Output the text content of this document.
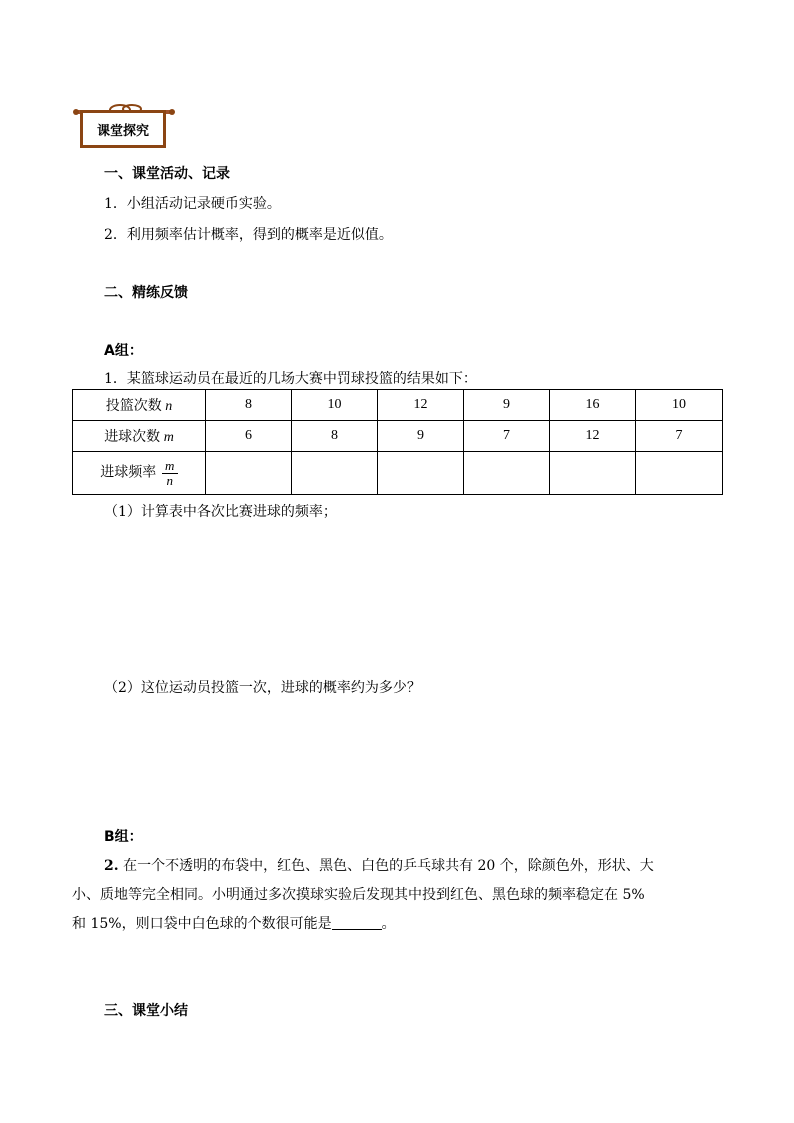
课堂探究
一、课堂活动、记录
1．小组活动记录硬币实验。
2．利用频率估计概率，得到的概率是近似值。
二、精练反馈
A组：
1．某篮球运动员在最近的几场大赛中罚球投篮的结果如下：
投篮次数 n	8	10	12	9	16	10
进球次数 m	6	8	9	7	12	7
进球频率 $\frac{m}{n}$

（1）计算表中各次比赛进球的频率；
（2）这位运动员投篮一次，进球的概率约为多少？
B组：
2. 在一个不透明的布袋中，红色、黑色、白色的乒乓球共有 20 个，除颜色外，形状、大
小、质地等完全相同。小明通过多次摸球实验后发现其中投到红色、黑色球的频率稳定在 5%
和 15%，则口袋中白色球的个数很可能是	。
三、课堂小结
